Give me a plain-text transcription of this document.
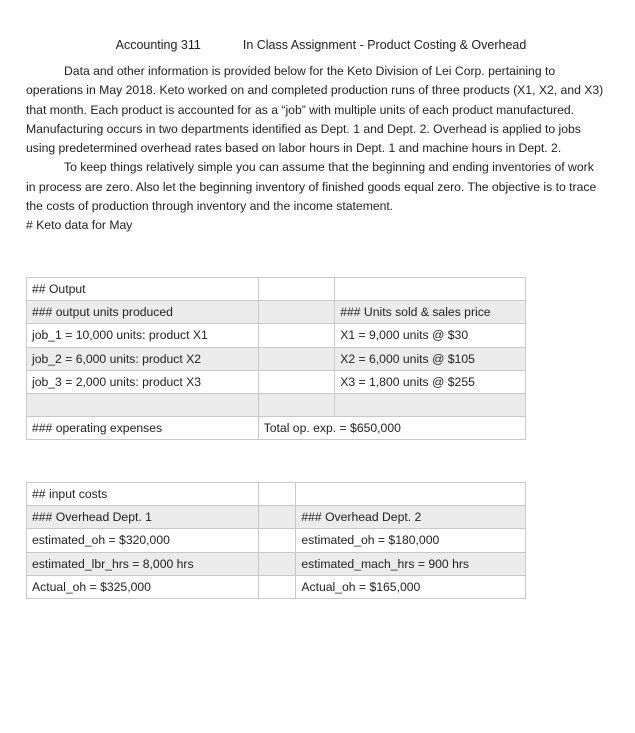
Accounting 311	In Class Assignment - Product Costing & Overhead

Data and other information is provided below for the Keto Division of Lei Corp. pertaining to operations in May 2018. Keto worked on and completed production runs of three products (X1, X2, and X3) that month. Each product is accounted for as a “job” with multiple units of each product manufactured. Manufacturing occurs in two departments identified as Dept. 1 and Dept. 2. Overhead is applied to jobs using predetermined overhead rates based on labor hours in Dept. 1 and machine hours in Dept. 2.

To keep things relatively simple you can assume that the beginning and ending inventories of work in process are zero. Also let the beginning inventory of finished goods equal zero. The objective is to trace the costs of production through inventory and the income statement.

# Keto data for May

## Output		
### output units produced		### Units sold & sales price
job_1 = 10,000 units: product X1		X1 = 9,000 units @ $30
job_2 = 6,000 units: product X2		X2 = 6,000 units @ $105
job_3 = 2,000 units: product X3		X3 = 1,800 units @ $255

### operating expenses	Total op. exp. = $650,000	
## input costs		
### Overhead Dept. 1		### Overhead Dept. 2
estimated_oh = $320,000		estimated_oh = $180,000
estimated_lbr_hrs = 8,000 hrs		estimated_mach_hrs = 900 hrs
Actual_oh = $325,000		Actual_oh = $165,000
